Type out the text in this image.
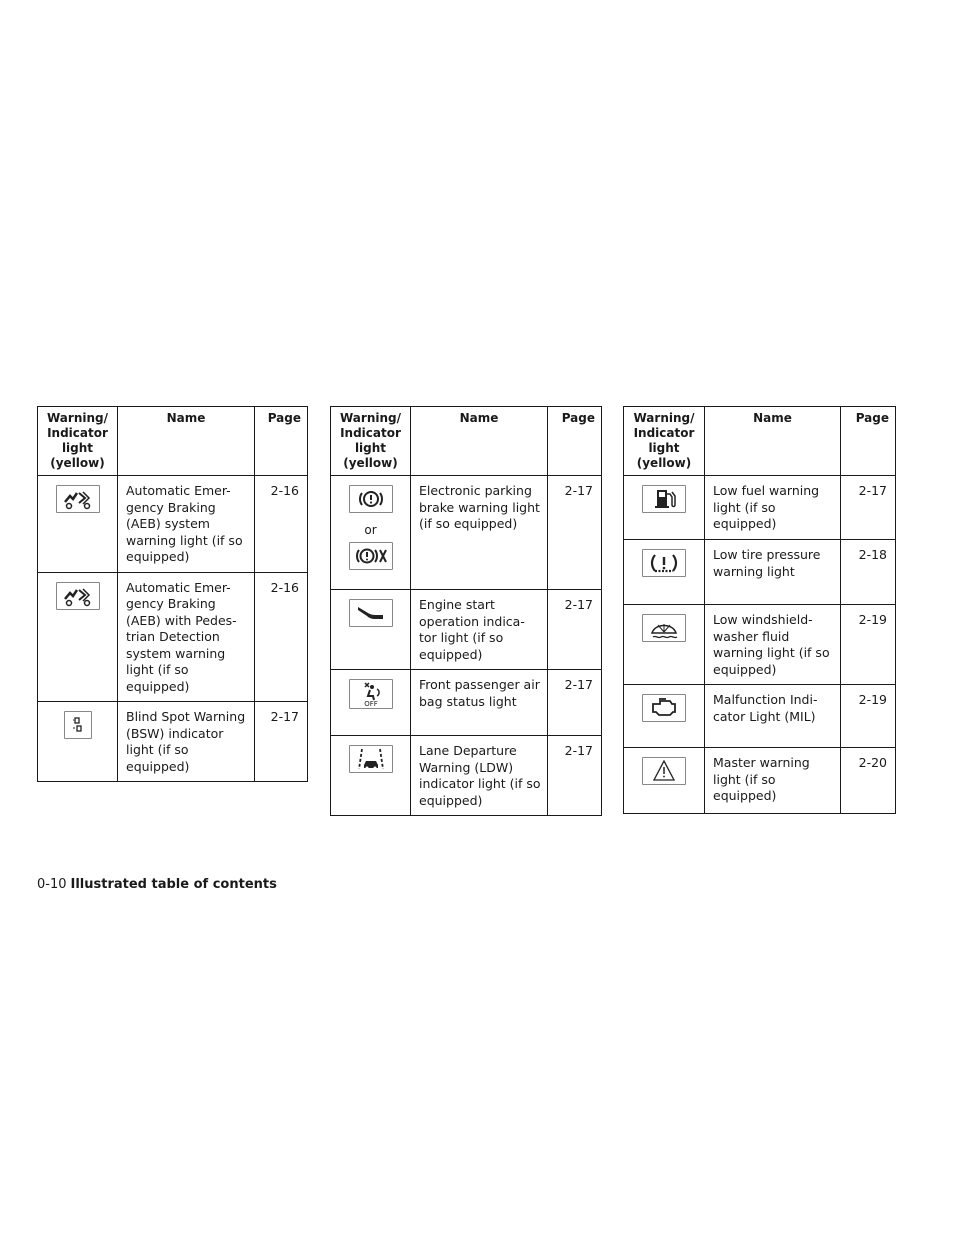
Warning/ Indicator light (yellow)	Name	Page

	Automatic Emer- gency Braking (AEB) system warning light (if so equipped)	2-16

	Automatic Emer- gency Braking (AEB) with Pedes- trian Detection system warning light (if so equipped)	2-16

	Blind Spot Warning (BSW) indicator light (if so equipped)	2-17
Warning/ Indicator light (yellow)	Name	Page

or	Electronic parking brake warning light (if so equipped)	2-17

	Engine start operation indica- tor light (if so equipped)	2-17

OFF	Front passenger air bag status light	2-17

	Lane Departure Warning (LDW) indicator light (if so equipped)	2-17
Warning/ Indicator light (yellow)	Name	Page

	Low fuel warning light (if so equipped)	2-17

	Low tire pressure warning light	2-18

	Low windshield- washer fluid warning light (if so equipped)	2-19

	Malfunction Indi- cator Light (MIL)	2-19

	Master warning light (if so equipped)	2-20
0-10 Illustrated table of contents
